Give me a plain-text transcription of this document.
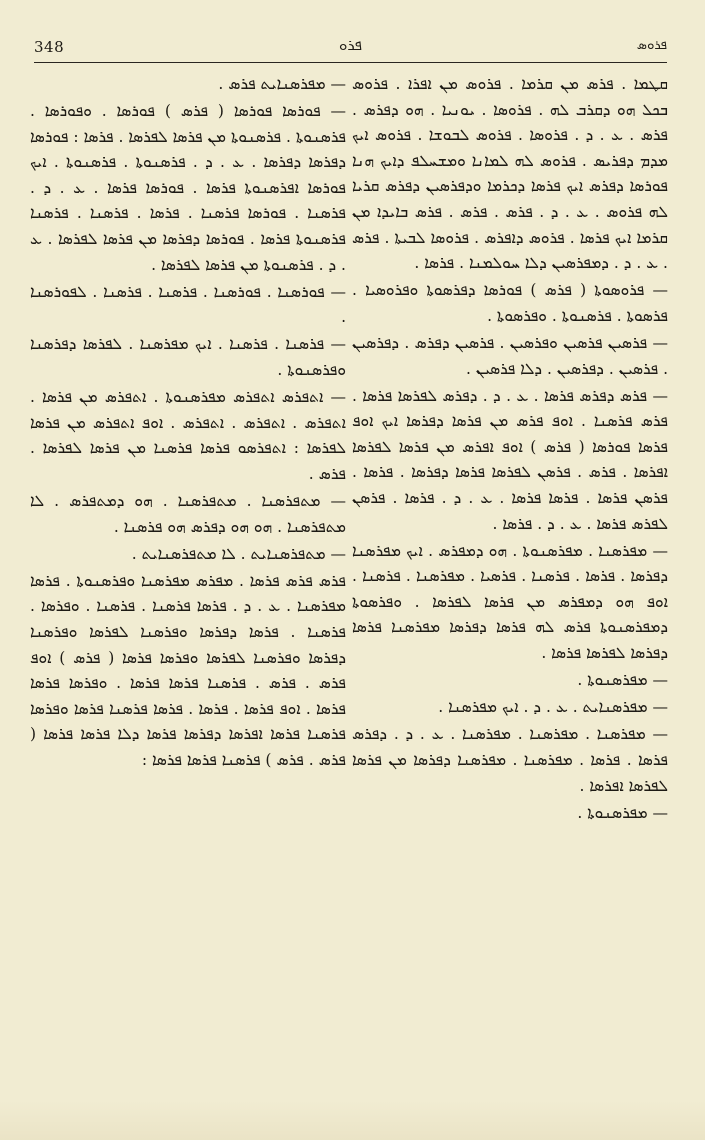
348	ܦܪܘ	ܦܪܘܣ

ܩܛܡܐ . ܦܪܣ ܡܢ ܩܪܡܐ . ܦܪܘܣ ܡܢ ܐܦܪܐ . ܦܪܘܣ ܒܟܠ ܗܘ ܕܩܪܒ ܠܗ . ܦܪܘܣܐ . ܝܘܢܝܐ . ܗܘ ܕܦܪܣ . ܦܪܣ . ܥ . ܕ . ܦܪܘܣܐ . ܦܪܘܣ ܠܒܘܫܐ . ܦܪܘܣ ܐܝܟ ܡܕܡ ܕܦܪܝܣ . ܦܪܘܣ ܠܗ ܠܡܐܢܐ ܘܡܫܚܠܦ ܕܐܝܟ ܗܢܐ ܦܘܪܣܐ ܕܦܪܣ ܐܝܟ ܦܪܣܐ ܕܟܪܡܐ ܘܕܦܪܣܝܢ ܕܦܪܣ ܩܪܝܐ ܠܗ ܦܪܘܣ . ܥ . ܕ . ܦܪܣ . ܦܪܣ . ܦܪܣ ܒܐܝܕܐ ܡܢ ܩܪܡܐ ܐܝܟ ܦܪܣܐ . ܦܪܘܣ ܕܐܦܪܣ . ܦܪܘܣܐ ܠܒܝܬܐ . ܦܪܣ . ܥ . ܕ . ܕܡܦܪܣܝܢ ܕܠܐ ܚܘܠܡܢܐ . ܦܪܣܐ .

— ܦܪܘܣܘܬܐ ( ܦܪܣ ) ܦܘܪܣܐ ܕܦܪܣܘܬܐ ܘܦܪܘܣܝܐ . ܦܪܣܘܬܐ . ܦܪܣܢܘܬܐ . ܘܦܪܣܘܬܐ .

— ܦܪܣܝܢ ܦܪܣܝܢ ܘܦܪܣܝܢ . ܦܪܣܝܢ ܕܦܪܣ . ܕܦܪܣܝܢ . ܦܪܣܝܢ . ܕܦܪܣܝܢ . ܕܠܐ ܦܪܣܝܢ .

— ܦܪܣ ܕܦܪܣ ܦܪܣܐ . ܥ . ܕ . ܕܦܪܣ ܠܦܪܣܐ ܦܪܣܐ . ܦܪܣ ܦܪܣܢܐ . ܐܘܦ ܦܪܣ ܡܢ ܦܪܣܐ ܕܦܪܣܐ ܐܝܟ ܐܘܦ ܦܪܣܐ ܦܘܪܣܐ ( ܦܪܣ ) ܐܘܦ ܐܦܪܣ ܡܢ ܦܪܣܐ ܠܦܪܣܐ ܐܦܪܣܐ . ܦܪܣ . ܦܪܣܢ ܠܦܪܣܐ ܦܪܣܐ ܕܦܪܣܐ . ܦܪܣܐ . ܦܪܣܢ ܦܪܣܐ . ܦܪܣܐ ܦܪܣܐ . ܥ . ܕ . ܦܪܣܐ . ܦܪܣܢ ܠܦܪܣ ܦܪܣܐ . ܥ . ܕ . ܦܪܣܐ .

— ܡܦܪܣܢܐ . ܡܦܪܣܢܘܬܐ . ܗܘ ܕܡܦܪܣ . ܐܝܟ ܡܦܪܣܢܐ ܕܦܪܣܐ . ܦܪܣܐ . ܦܪܣܢܐ . ܦܪܣܝܐ . ܡܦܪܣܢܐ . ܦܪܣܢܐ . ܐܘܦ ܗܘ ܕܡܦܪܣ ܡܢ ܦܪܣܐ ܠܦܪܣܐ . ܘܦܪܣܘܬܐ ܕܡܦܪܣܢܘܬܐ ܦܪܣ ܠܗ ܦܪܣܐ ܕܦܪܣܐ ܡܦܪܣܢܐ ܦܪܣܐ ܕܦܪܣܐ ܠܦܪܣܐ ܦܪܣܐ .

— ܡܦܪܣܢܘܬܐ .

— ܡܦܪܣܢܐܝܬ . ܥ . ܕ . ܐܝܟ ܡܦܪܣܢܐ .

— ܡܦܪܣܢܐ . ܡܦܪܣܢܐ . ܡܦܪܣܢܐ . ܥ . ܕ . ܕܦܪܣ ܦܪܣܐ . ܦܪܣܐ . ܡܦܪܣܢܐ . ܡܦܪܣܢܐ ܕܦܪܣܐ ܡܢ ܦܪܣܐ ܠܦܪܣܐ ܐܦܪܣܐ .

— ܡܦܪܣܢܘܬܐ .

— ܡܦܪܣܢܐܝܬ ܦܪܣ .

— ܦܘܪܣܐ ܦܘܪܣܐ ( ܦܪܣ ) ܦܘܪܣܐ . ܘܦܘܪܣܐ . ܦܪܣܢܘܬܐ . ܦܪܣܢܘܬܐ ܡܢ ܦܪܣܐ ܠܦܪܣܐ . ܦܪܣܐ : ܦܘܪܣܐ ܕܦܪܣܐ ܕܦܪܣܐ . ܥ . ܕ . ܦܪܣܢܘܬܐ . ܦܪܣܢܘܬܐ . ܐܝܟ ܦܘܪܣܐ ܐܦܪܣܢܘܬܐ ܦܪܣܐ . ܦܘܪܣܐ ܦܪܣܐ . ܥ . ܕ . ܦܪܣܢܐ . ܦܘܪܣܐ ܦܪܣܢܐ . ܦܪܣܐ . ܦܪܣܢܐ . ܦܪܣܢܐ ܦܪܣܢܘܬܐ ܦܪܣܐ . ܦܘܪܣܐ ܕܦܪܣܐ ܡܢ ܦܪܣܐ ܠܦܪܣܐ . ܥ . ܕ . ܦܪܣܢܘܬܐ ܡܢ ܦܪܣܐ ܠܦܪܣܐ .

— ܦܘܪܣܢܐ . ܦܘܪܣܢܐ . ܦܪܣܢܐ . ܦܪܣܢܐ . ܠܦܘܪܣܢܐ .

— ܦܪܣܢܐ . ܦܪܣܢܐ . ܐܝܟ ܡܦܪܣܢܐ . ܠܦܪܣܐ ܕܦܪܣܢܐ ܘܦܪܣܢܘܬܐ .

— ܐܬܦܪܣ ܐܬܦܪܣ ܡܦܪܣܢܘܬܐ . ܐܬܦܪܣ ܡܢ ܦܪܣܐ . ܐܬܦܪܣ . ܐܬܦܪܣ . ܐܬܦܪܣ . ܐܘܦ ܐܬܦܪܣ ܡܢ ܦܪܣܐ ܠܦܪܣܐ : ܐܬܦܪܣܘ ܦܪܣܐ ܦܪܣܢܐ ܡܢ ܦܪܣܐ ܠܦܪܣܐ . ܦܪܣ .

— ܡܬܦܪܣܢܐ . ܡܬܦܪܣܢܐ . ܗܘ ܕܡܬܦܪܣ . ܠܐ ܡܬܦܪܣܢܐ . ܗܘ ܗܘ ܕܦܪܣ ܗܘ ܦܪܣܢܐ .

— ܡܬܦܪܣܢܐܝܬ . ܠܐ ܡܬܦܪܣܢܐܝܬ .

ܦܪܣ ܦܪܣ ܦܪܣܐ . ܡܦܪܣ ܡܦܪܣܢܐ ܘܦܪܣܢܘܬܐ . ܦܪܣܐ ܡܦܪܣܢܐ . ܥ . ܕ . ܦܪܣܐ ܦܪܣܢܐ . ܦܪܣܢܐ . ܘܦܪܣܐ . ܦܪܣܢܐ . ܦܪܣܐ ܕܦܪܣܐ ܘܦܪܣܢܐ ܠܦܪܣܐ ܘܦܪܣܢܐ ܕܦܪܣܐ ܘܦܪܣܢܐ ܠܦܪܣܐ ܘܦܪܣܐ ܦܪܣܐ ( ܦܪܣ ) ܐܘܦ ܦܪܣ . ܦܪܣ . ܦܪܣܢܐ ܦܪܣܐ ܦܪܣܐ . ܘܦܪܣܐ ܦܪܣܐ ܦܪܣܐ . ܐܘܦ ܦܪܣܐ . ܦܪܣܐ . ܦܪܣܐ ܦܪܣܢܐ ܦܪܣܐ ܘܦܪܣܐ ܦܪܣܢܐ ܦܪܣܐ ܐܦܪܣܐ ܕܦܪܣܐ ܦܪܣܐ ܕܠܐ ܦܪܣܐ ܦܪܣܐ ( ܦܪܣ . ܦܪܣ ) ܦܪܣܢܐ ܦܪܣܐ ܦܪܣܐ :
